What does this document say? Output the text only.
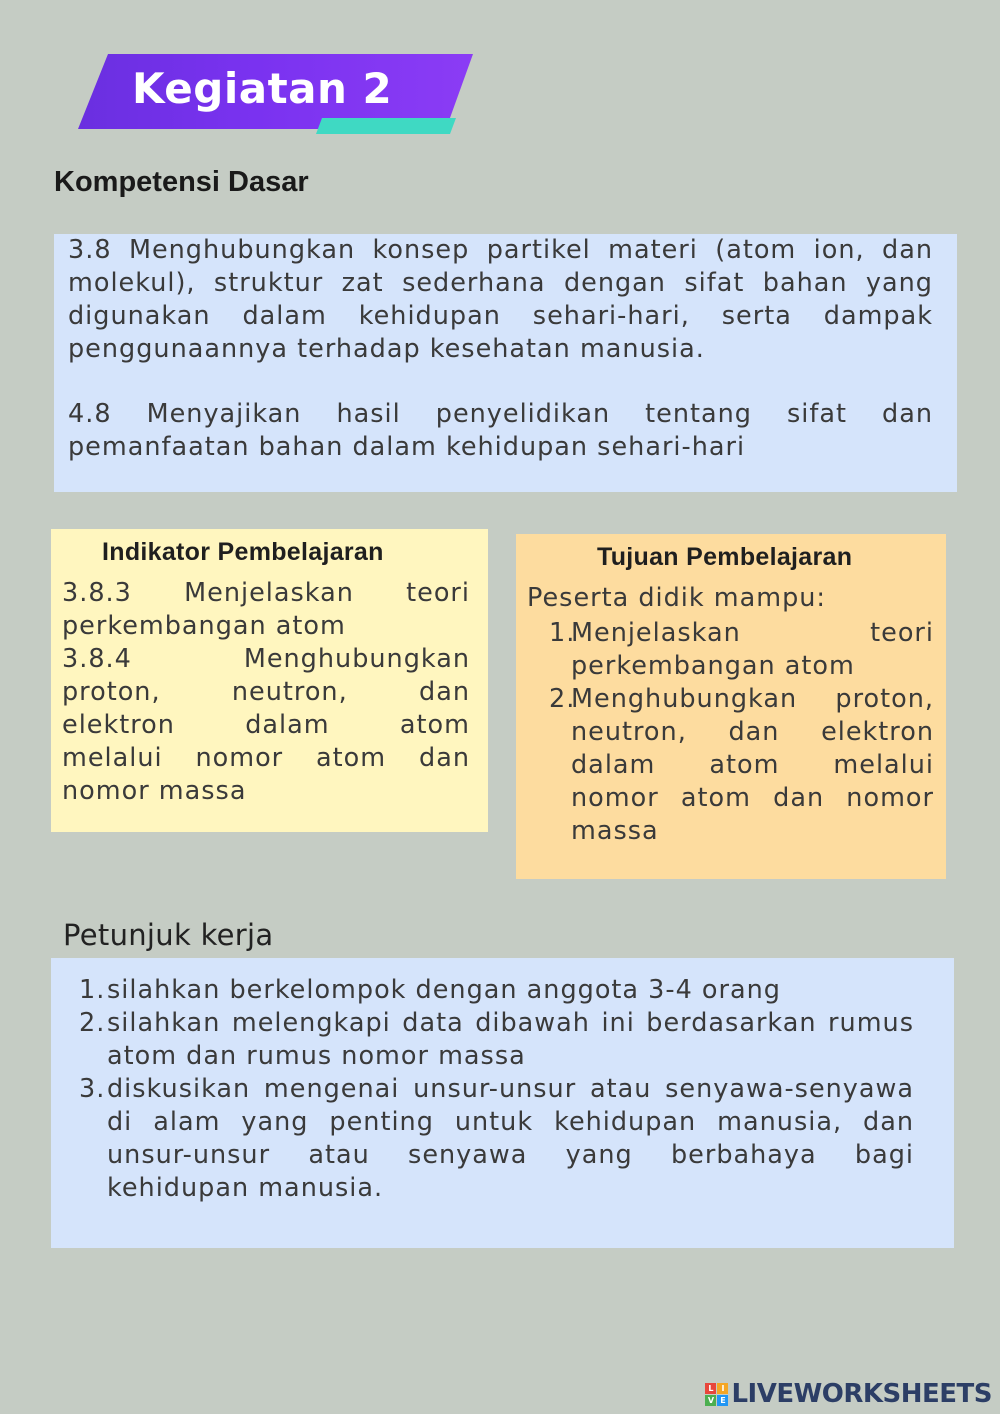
Kegiatan 2
Kompetensi Dasar

3.8 Menghubungkan konsep partikel materi (atom ion, dan molekul), struktur zat sederhana dengan sifat bahan yang digunakan dalam kehidupan sehari-hari, serta dampak penggunaannya terhadap kesehatan manusia.

4.8 Menyajikan hasil penyelidikan tentang sifat dan pemanfaatan bahan dalam kehidupan sehari-hari

Indikator Pembelajaran

3.8.3 Menjelaskan teori

perkembangan atom

3.8.4 Menghubungkan

proton, neutron, dan

elektron dalam atom

melalui nomor atom dan

nomor massa

Tujuan Pembelajaran

Peserta didik mampu:

1.
Menjelaskan teori perkembangan atom
2.
Menghubungkan proton, neutron, dan elektron dalam atom melalui nomor atom dan nomor massa
Petunjuk kerja
1. silahkan berkelompok dengan anggota 3-4 orang
2. silahkan melengkapi data dibawah ini berdasarkan rumus atom dan rumus nomor massa
3. diskusikan mengenai unsur-unsur atau senyawa-senyawa di alam yang penting untuk kehidupan manusia, dan unsur-unsur atau senyawa yang berbahaya bagi kehidupan manusia.
L I
V E LIVEWORKSHEETS
